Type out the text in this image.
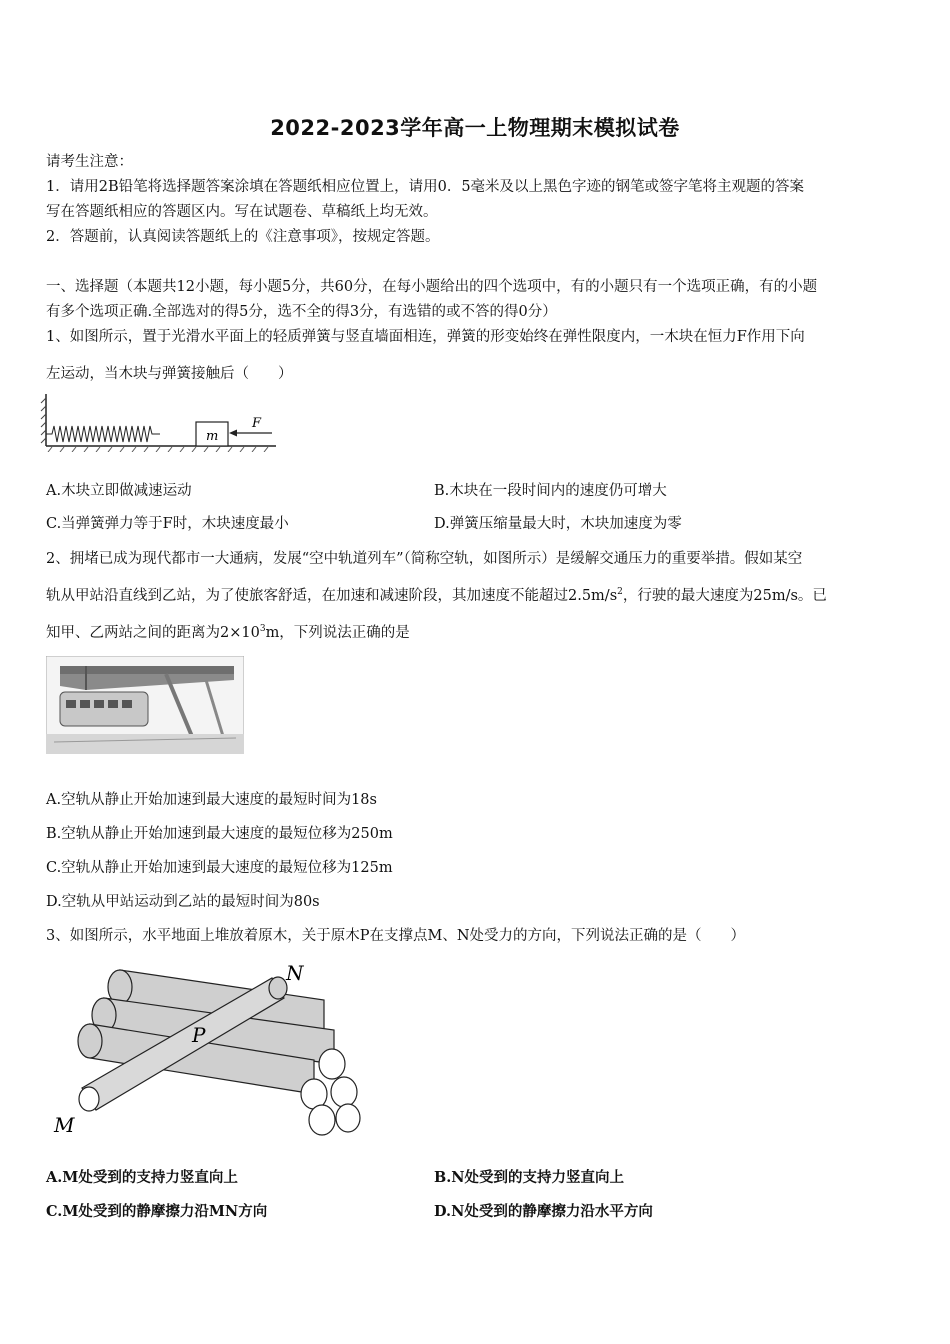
2022-2023学年高一上物理期末模拟试卷
请考生注意：
1．请用2B铅笔将选择题答案涂填在答题纸相应位置上，请用0．5毫米及以上黑色字迹的钢笔或签字笔将主观题的答案
写在答题纸相应的答题区内。写在试题卷、草稿纸上均无效。
2．答题前，认真阅读答题纸上的《注意事项》，按规定答题。
一、选择题（本题共12小题，每小题5分，共60分，在每小题给出的四个选项中，有的小题只有一个选项正确，有的小题
有多个选项正确.全部选对的得5分，选不全的得3分，有选错的或不答的得0分）
1、如图所示，置于光滑水平面上的轻质弹簧与竖直墙面相连，弹簧的形变始终在弹性限度内，一木块在恒力F作用下向
左运动，当木块与弹簧接触后（　　）
m
F
A.木块立即做减速运动	B.木块在一段时间内的速度仍可增大
C.当弹簧弹力等于F时，木块速度最小	D.弹簧压缩量最大时，木块加速度为零
2、拥堵已成为现代都市一大通病，发展“空中轨道列车”（简称空轨，如图所示）是缓解交通压力的重要举措。假如某空
轨从甲站沿直线到乙站，为了使旅客舒适，在加速和减速阶段，其加速度不能超过$2.5m/s^2$，行驶的最大速度为25m/s。已
知甲、乙两站之间的距离为$2\times 10^3m$，下列说法正确的是
A.空轨从静止开始加速到最大速度的最短时间为18s
B.空轨从静止开始加速到最大速度的最短位移为250m
C.空轨从静止开始加速到最大速度的最短位移为125m
D.空轨从甲站运动到乙站的最短时间为80s
3、如图所示，水平地面上堆放着原木，关于原木P在支撑点M、N处受力的方向，下列说法正确的是（　　）
N
P
M
A.M处受到的支持力竖直向上	B.N处受到的支持力竖直向上
C.M处受到的静摩擦力沿MN方向	D.N处受到的静摩擦力沿水平方向
